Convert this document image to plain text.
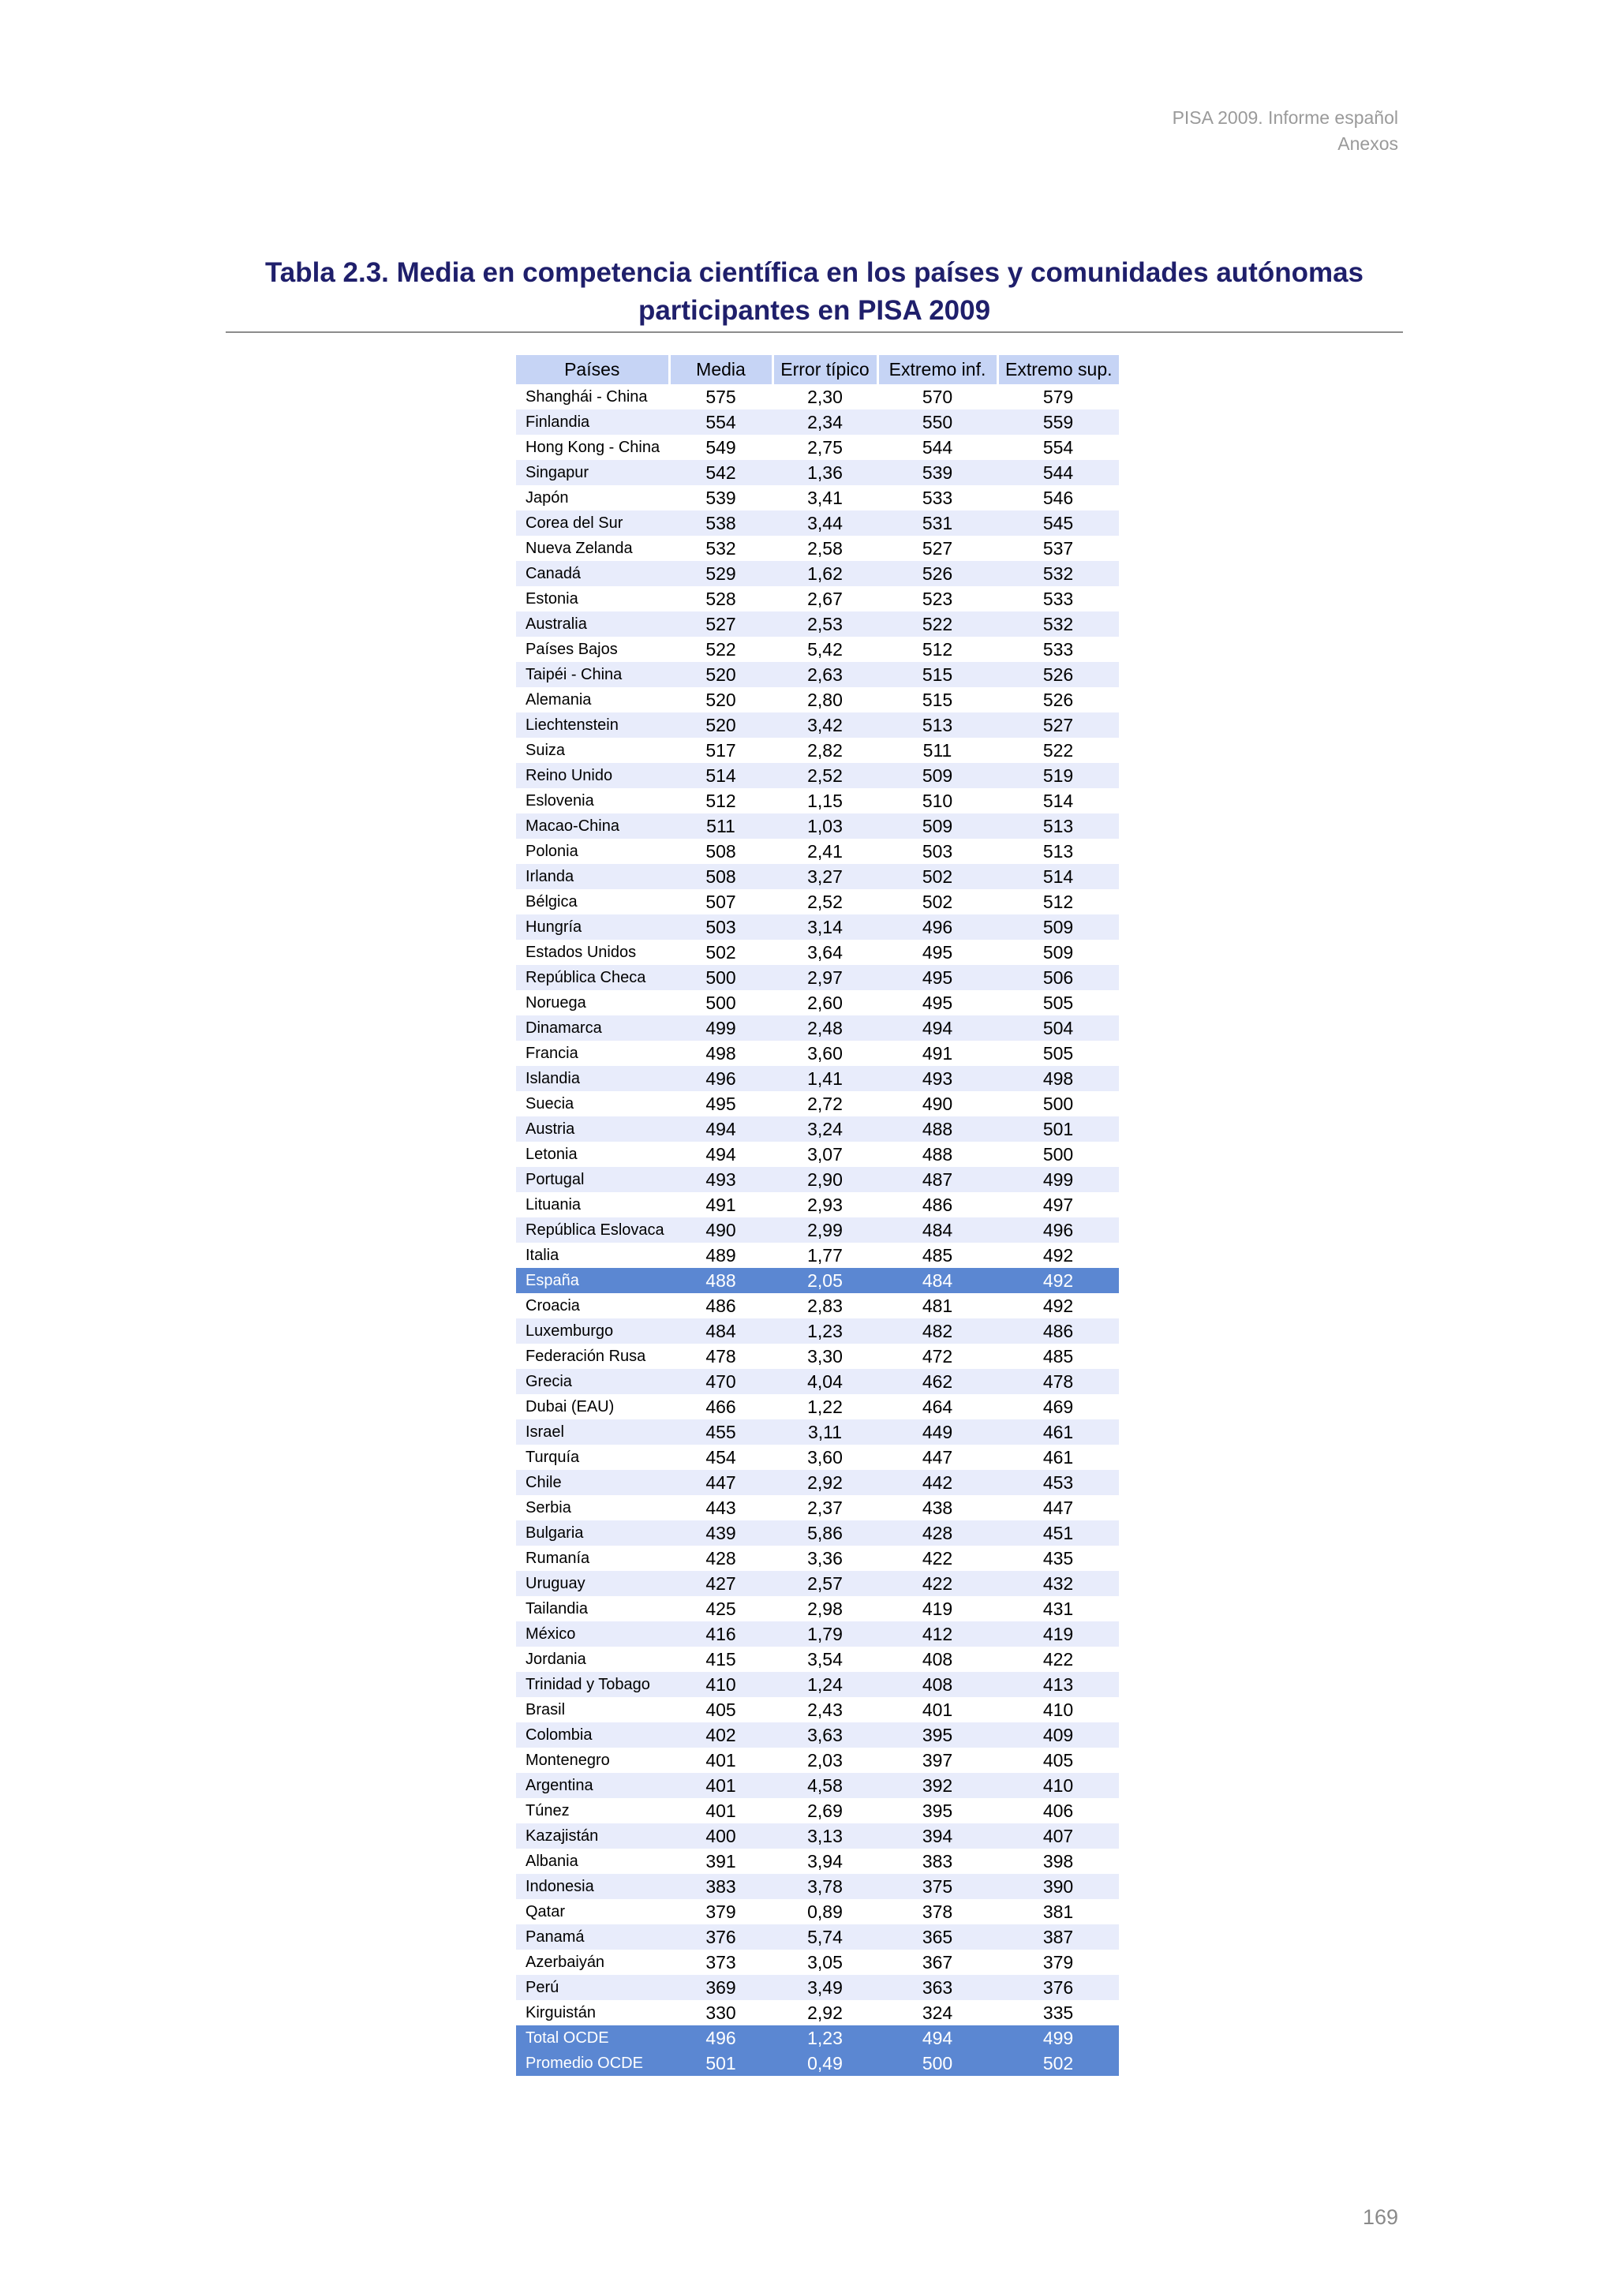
PISA 2009. Informe español
Anexos
Tabla 2.3. Media en competencia científica en los países y comunidades autónomas
participantes en PISA 2009
Países	Media	Error típico	Extremo inf.	Extremo sup.
Shanghái - China	575	2,30	570	579
Finlandia	554	2,34	550	559
Hong Kong - China	549	2,75	544	554
Singapur	542	1,36	539	544
Japón	539	3,41	533	546
Corea del Sur	538	3,44	531	545
Nueva Zelanda	532	2,58	527	537
Canadá	529	1,62	526	532
Estonia	528	2,67	523	533
Australia	527	2,53	522	532
Países Bajos	522	5,42	512	533
Taipéi - China	520	2,63	515	526
Alemania	520	2,80	515	526
Liechtenstein	520	3,42	513	527
Suiza	517	2,82	511	522
Reino Unido	514	2,52	509	519
Eslovenia	512	1,15	510	514
Macao-China	511	1,03	509	513
Polonia	508	2,41	503	513
Irlanda	508	3,27	502	514
Bélgica	507	2,52	502	512
Hungría	503	3,14	496	509
Estados Unidos	502	3,64	495	509
República Checa	500	2,97	495	506
Noruega	500	2,60	495	505
Dinamarca	499	2,48	494	504
Francia	498	3,60	491	505
Islandia	496	1,41	493	498
Suecia	495	2,72	490	500
Austria	494	3,24	488	501
Letonia	494	3,07	488	500
Portugal	493	2,90	487	499
Lituania	491	2,93	486	497
República Eslovaca	490	2,99	484	496
Italia	489	1,77	485	492
España	488	2,05	484	492
Croacia	486	2,83	481	492
Luxemburgo	484	1,23	482	486
Federación Rusa	478	3,30	472	485
Grecia	470	4,04	462	478
Dubai (EAU)	466	1,22	464	469
Israel	455	3,11	449	461
Turquía	454	3,60	447	461
Chile	447	2,92	442	453
Serbia	443	2,37	438	447
Bulgaria	439	5,86	428	451
Rumanía	428	3,36	422	435
Uruguay	427	2,57	422	432
Tailandia	425	2,98	419	431
México	416	1,79	412	419
Jordania	415	3,54	408	422
Trinidad y Tobago	410	1,24	408	413
Brasil	405	2,43	401	410
Colombia	402	3,63	395	409
Montenegro	401	2,03	397	405
Argentina	401	4,58	392	410
Túnez	401	2,69	395	406
Kazajistán	400	3,13	394	407
Albania	391	3,94	383	398
Indonesia	383	3,78	375	390
Qatar	379	0,89	378	381
Panamá	376	5,74	365	387
Azerbaiyán	373	3,05	367	379
Perú	369	3,49	363	376
Kirguistán	330	2,92	324	335
Total OCDE	496	1,23	494	499
Promedio OCDE	501	0,49	500	502
169
